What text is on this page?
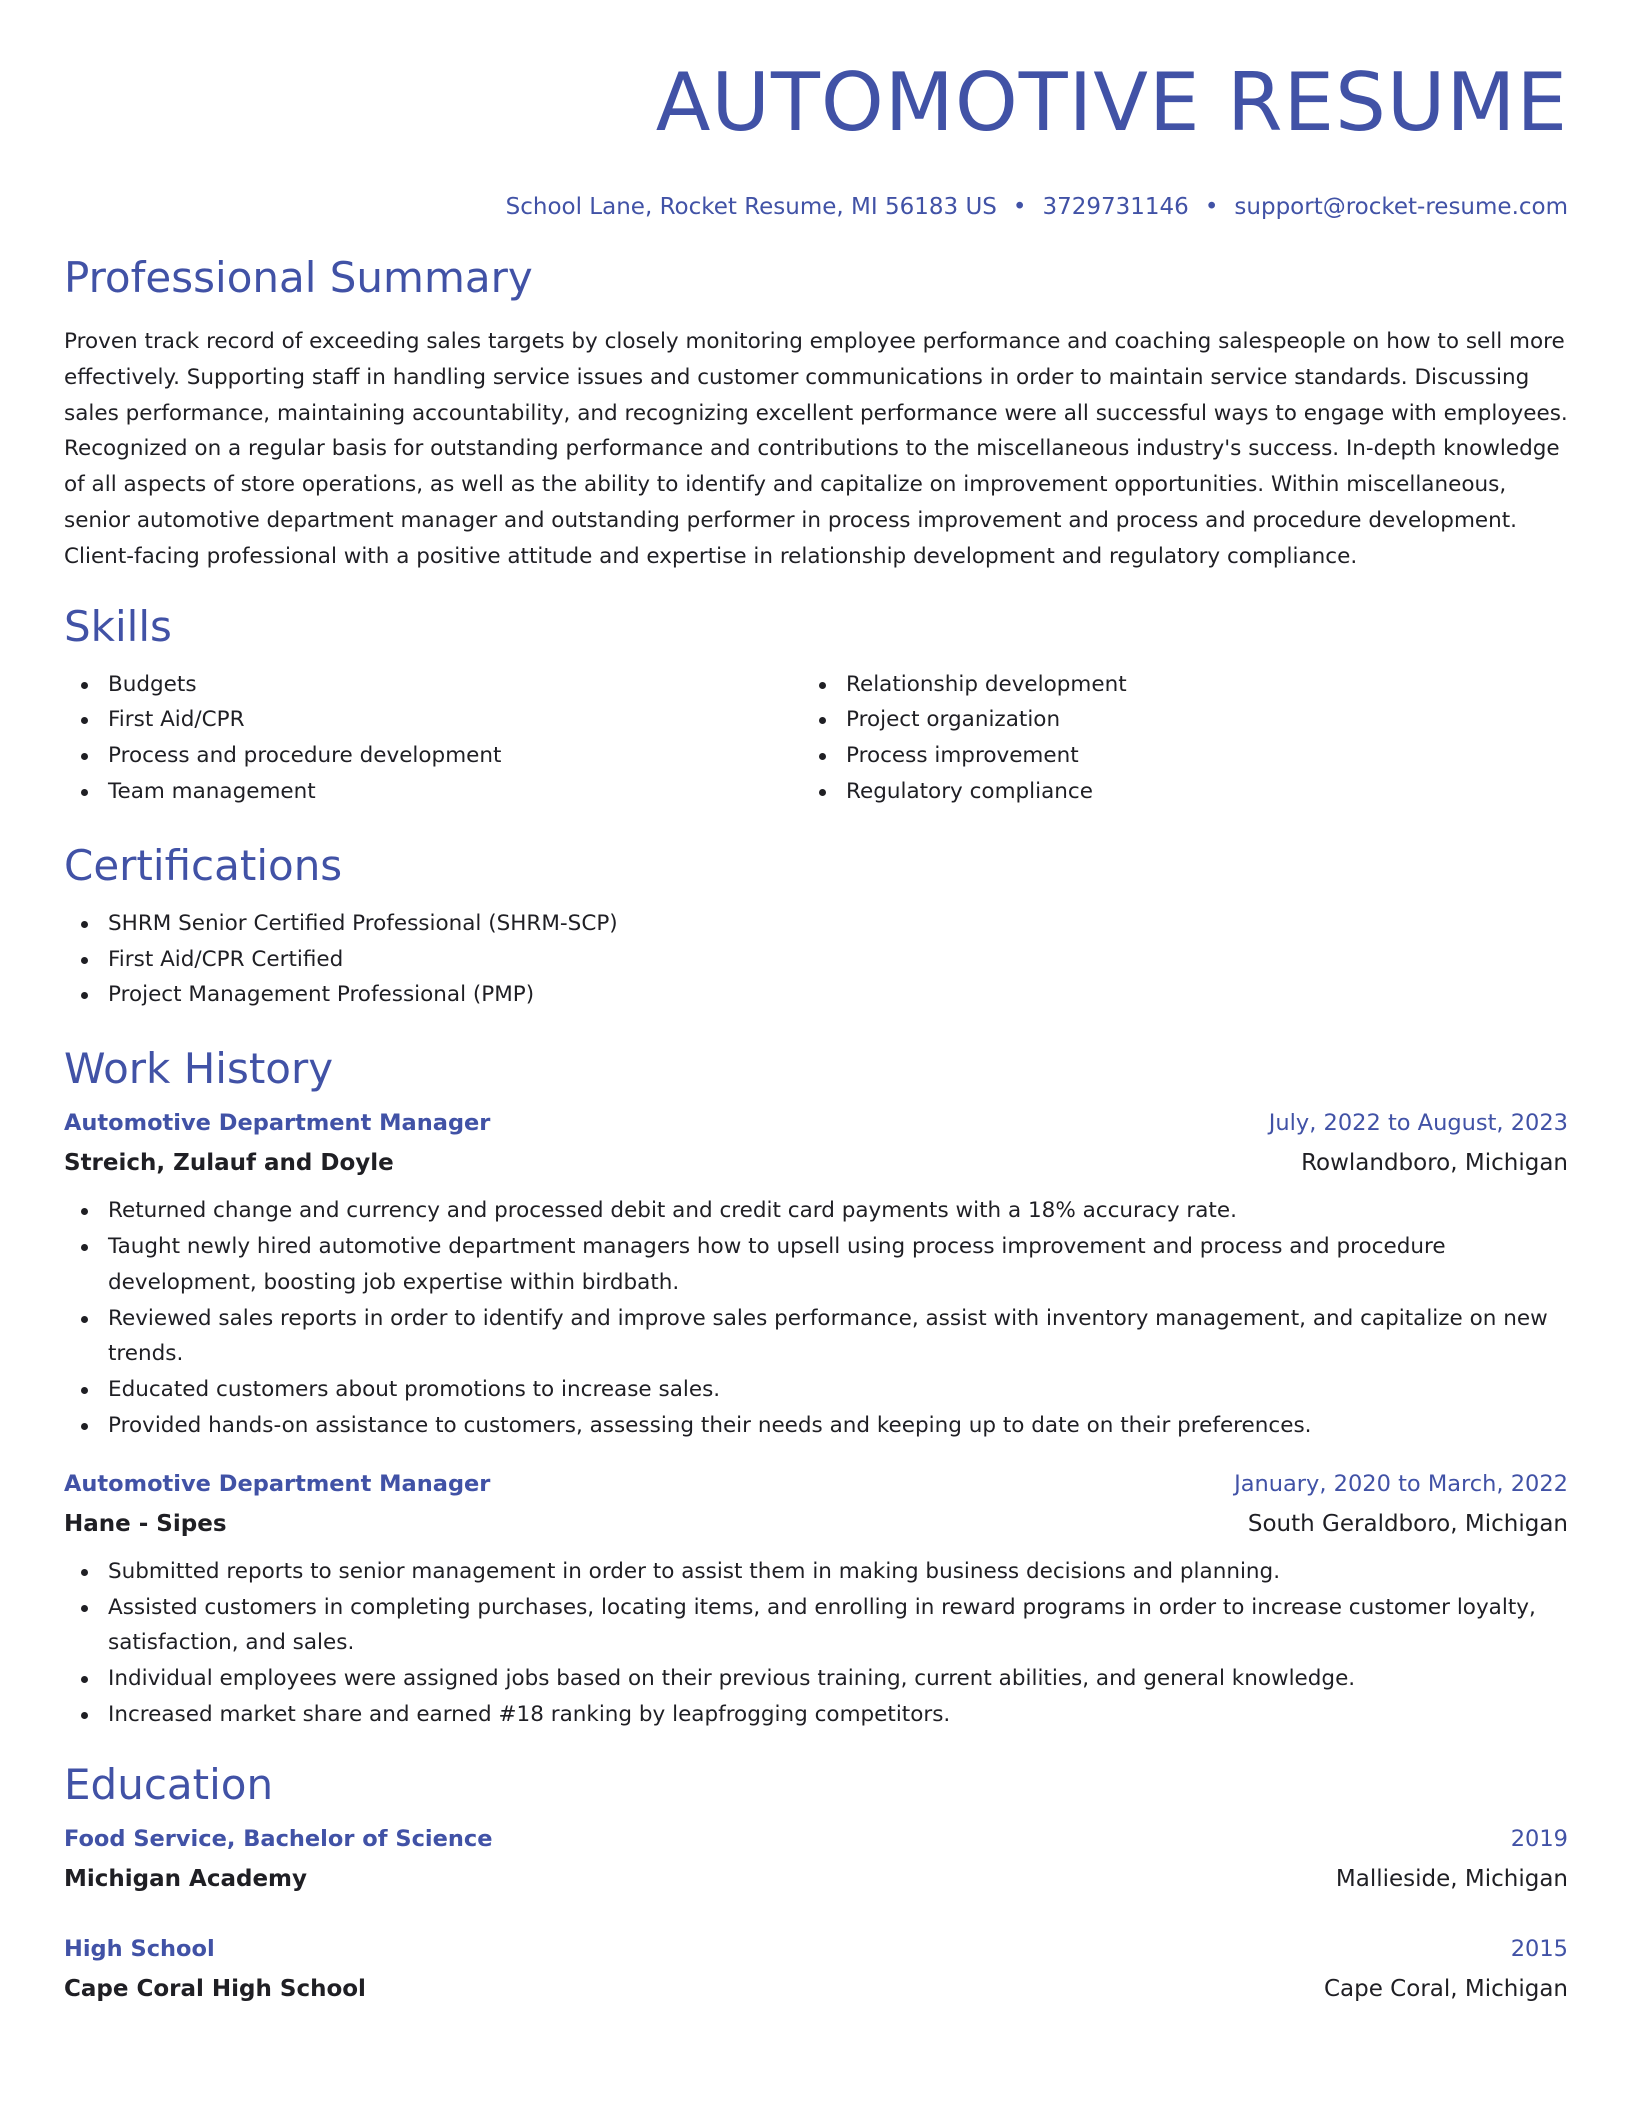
AUTOMOTIVE RESUME
School Lane, Rocket Resume, MI 56183 US • 3729731146 • support@rocket-resume.com
Professional Summary

Proven track record of exceeding sales targets by closely monitoring employee performance and coaching salespeople on how to sell more effectively. Supporting staff in handling service issues and customer communications in order to maintain service standards. Discussing sales performance, maintaining accountability, and recognizing excellent performance were all successful ways to engage with employees. Recognized on a regular basis for outstanding performance and contributions to the miscellaneous industry's success. In-depth knowledge of all aspects of store operations, as well as the ability to identify and capitalize on improvement opportunities. Within miscellaneous, senior automotive department manager and outstanding performer in process improvement and process and procedure development. Client-facing professional with a positive attitude and expertise in relationship development and regulatory compliance.

Skills
Budgets
First Aid/CPR
Process and procedure development
Team management
Relationship development
Project organization
Process improvement
Regulatory compliance
Certifications
SHRM Senior Certified Professional (SHRM-SCP)
First Aid/CPR Certified
Project Management Professional (PMP)
Work History
Automotive Department Manager	July, 2022 to August, 2023
Streich, Zulauf and Doyle	Rowlandboro, Michigan
Returned change and currency and processed debit and credit card payments with a 18% accuracy rate.
Taught newly hired automotive department managers how to upsell using process improvement and process and procedure development, boosting job expertise within birdbath.
Reviewed sales reports in order to identify and improve sales performance, assist with inventory management, and capitalize on new trends.
Educated customers about promotions to increase sales.
Provided hands-on assistance to customers, assessing their needs and keeping up to date on their preferences.
Automotive Department Manager	January, 2020 to March, 2022
Hane - Sipes	South Geraldboro, Michigan
Submitted reports to senior management in order to assist them in making business decisions and planning.
Assisted customers in completing purchases, locating items, and enrolling in reward programs in order to increase customer loyalty, satisfaction, and sales.
Individual employees were assigned jobs based on their previous training, current abilities, and general knowledge.
Increased market share and earned #18 ranking by leapfrogging competitors.
Education
Food Service, Bachelor of Science	2019
Michigan Academy	Mallieside, Michigan
High School	2015
Cape Coral High School	Cape Coral, Michigan
